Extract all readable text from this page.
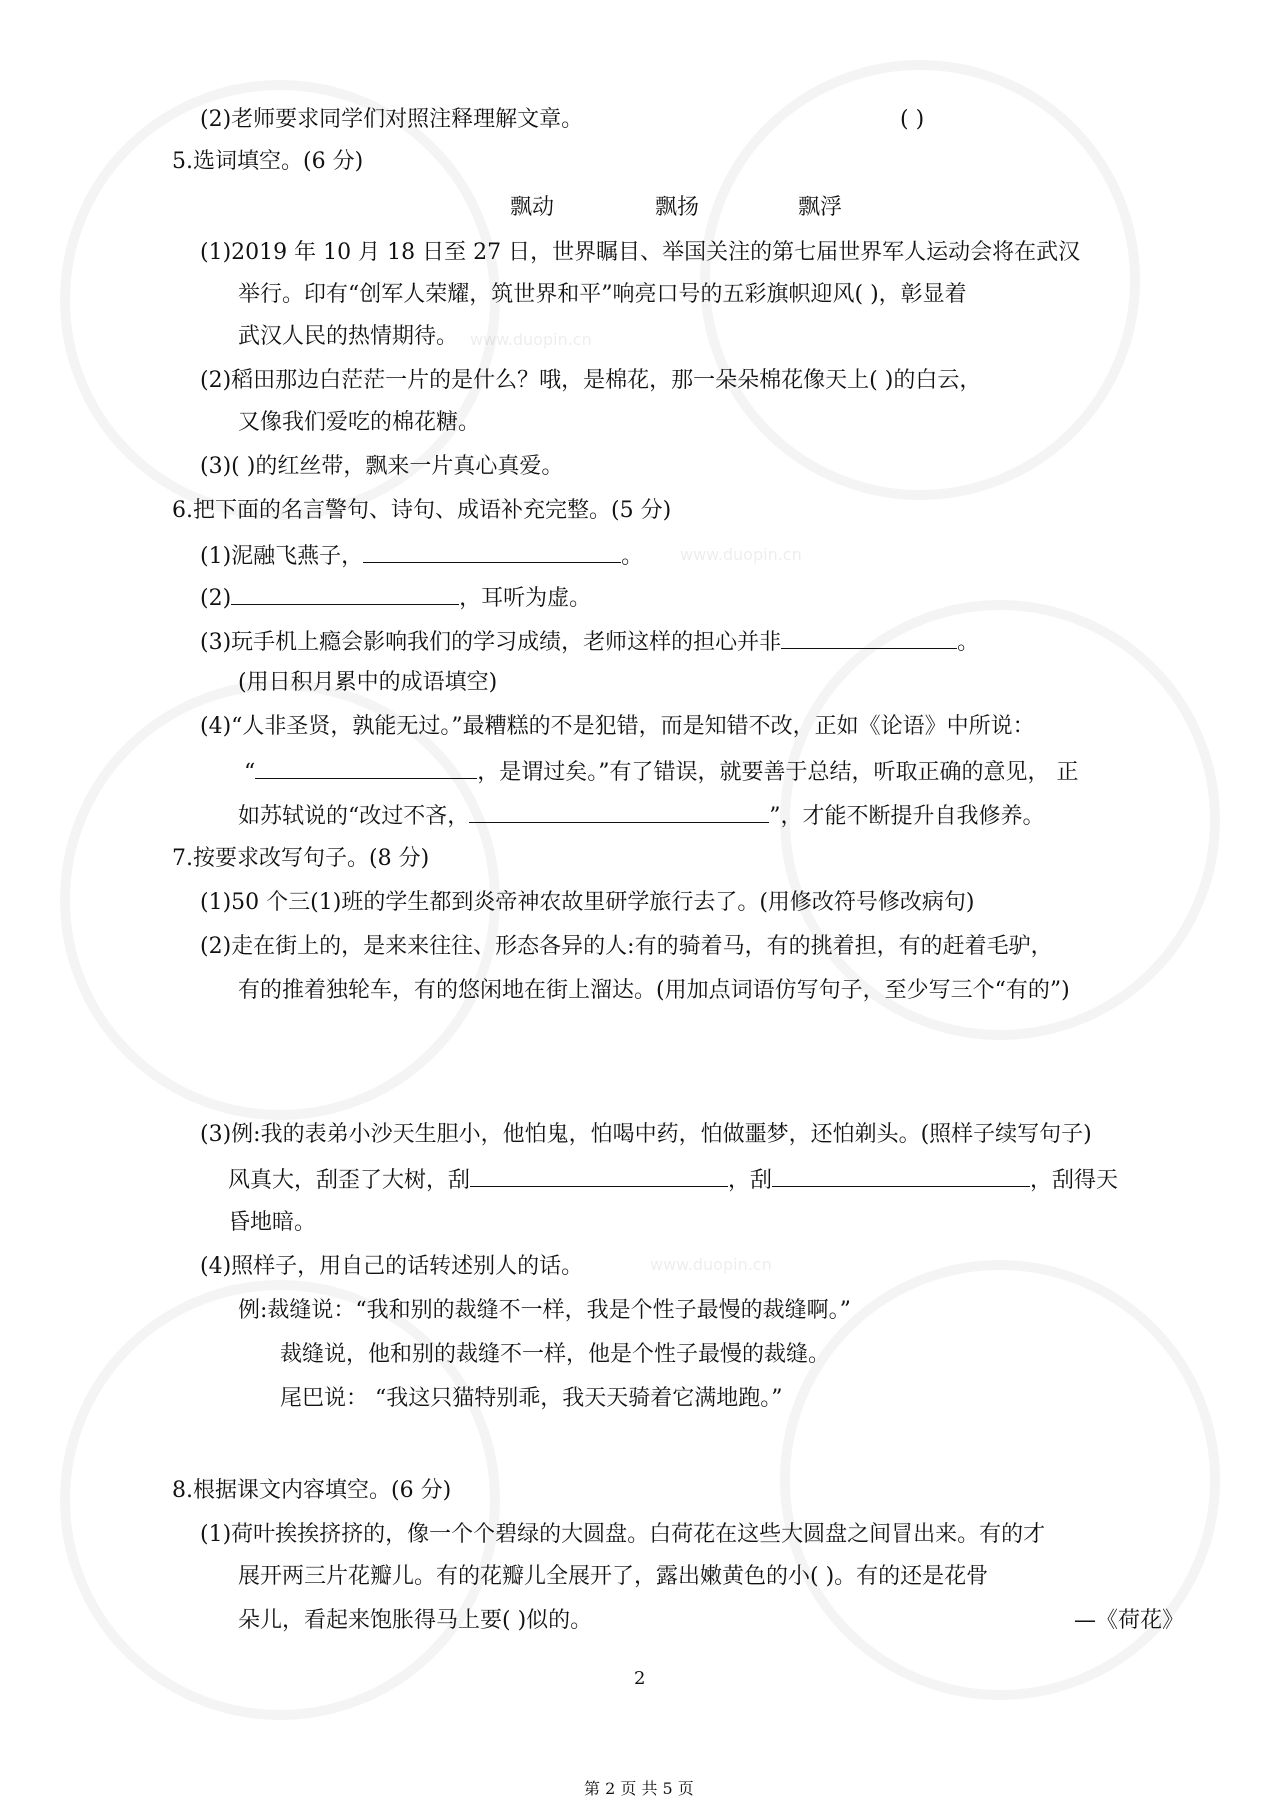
www.duopin.cn
www.duopin.cn
www.duopin.cn
(2)老师要求同学们对照注释理解文章。	( )
5.选词填空。(6 分)
飘动	飘扬	飘浮
(1)2019 年 10 月 18 日至 27 日，世界瞩目、举国关注的第七届世界军人运动会将在武汉
举行。印有“创军人荣耀，筑世界和平”响亮口号的五彩旗帜迎风( )，彰显着
武汉人民的热情期待。
(2)稻田那边白茫茫一片的是什么？哦，是棉花，那一朵朵棉花像天上( )的白云，
又像我们爱吃的棉花糖。
(3)( )的红丝带，飘来一片真心真爱。
6.把下面的名言警句、诗句、成语补充完整。(5 分)
(1)泥融飞燕子，	。
(2)	，耳听为虚。
(3)玩手机上瘾会影响我们的学习成绩，老师这样的担心并非	。
(用日积月累中的成语填空)
(4)“人非圣贤，孰能无过。”最糟糕的不是犯错，而是知错不改，正如《论语》中所说：
“	，是谓过矣。”有了错误，就要善于总结，听取正确的意见， 正
如苏轼说的“改过不吝，	”，才能不断提升自我修养。
7.按要求改写句子。(8 分)
(1)50 个三(1)班的学生都到炎帝神农故里研学旅行去了。(用修改符号修改病句)
(2)走在街上的，是来来往往、形态各异的人:有的骑着马，有的挑着担，有的赶着毛驴，
有的推着独轮车，有的悠闲地在街上溜达。(用加点词语仿写句子，至少写三个“有的”)
(3)例:我的表弟小沙天生胆小，他怕鬼，怕喝中药，怕做噩梦，还怕剃头。(照样子续写句子)
风真大，刮歪了大树，刮	，刮	，刮得天
昏地暗。
(4)照样子，用自己的话转述别人的话。
例:裁缝说：“我和别的裁缝不一样，我是个性子最慢的裁缝啊。”
裁缝说，他和别的裁缝不一样，他是个性子最慢的裁缝。
尾巴说： “我这只猫特别乖，我天天骑着它满地跑。”
8.根据课文内容填空。(6 分)
(1)荷叶挨挨挤挤的，像一个个碧绿的大圆盘。白荷花在这些大圆盘之间冒出来。有的才
展开两三片花瓣儿。有的花瓣儿全展开了，露出嫩黄色的小( )。有的还是花骨
朵儿，看起来饱胀得马上要( )似的。	—《荷花》
2
第 2 页 共 5 页
